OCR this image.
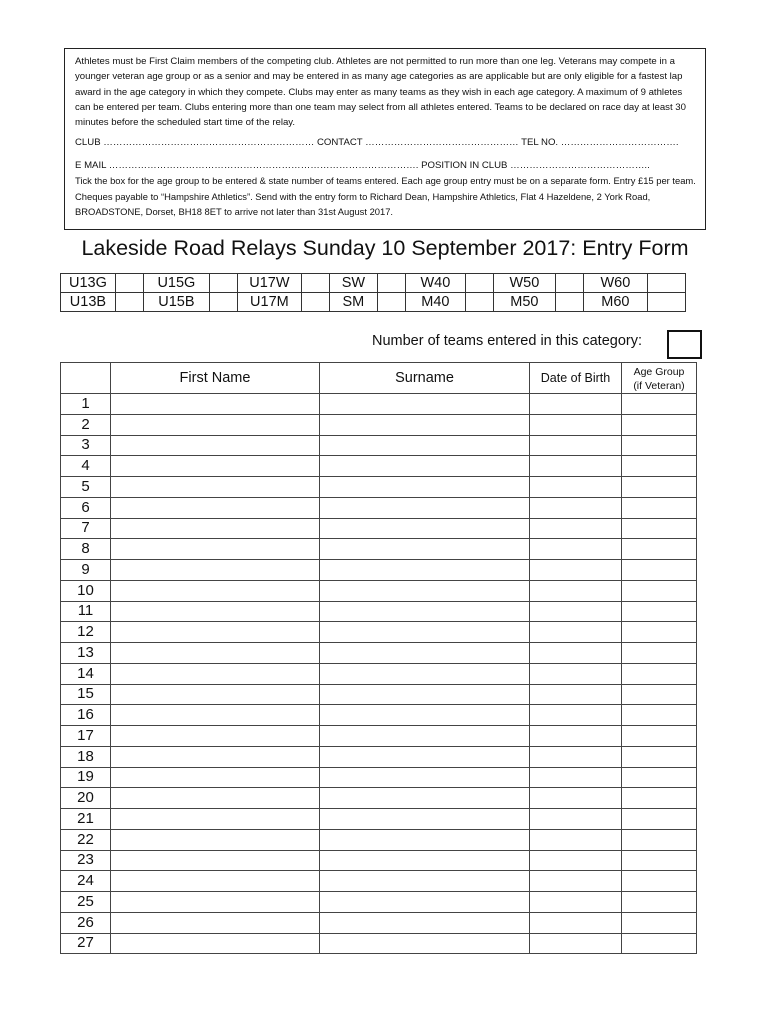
Athletes must be First Claim members of the competing club. Athletes are not permitted to run more than one leg. Veterans may compete in a younger veteran age group or as a senior and may be entered in as many age categories as are applicable but are only eligible for a fastest lap award in the age category in which they compete. Clubs may enter as many teams as they wish in each age category. A maximum of 9 athletes can be entered per team. Clubs entering more than one team may select from all athletes entered. Teams to be declared on race day at least 30 minutes before the scheduled start time of the relay.

CLUB ………………………………………………………… CONTACT ………………………………………… TEL NO. ……………………………….
E MAIL ……………………………………………………………………………………. POSITION IN CLUB ……………………………………..

Tick the box for the age group to be entered & state number of teams entered. Each age group entry must be on a separate form. Entry £15 per team. Cheques payable to “Hampshire Athletics”. Send with the entry form to Richard Dean, Hampshire Athletics, Flat 4 Hazeldene, 2 York Road, BROADSTONE, Dorset, BH18 8ET to arrive not later than 31st August 2017.

Lakeside Road Relays Sunday 10 September 2017: Entry Form
U13G		U15G		U17W		SW		W40		W50		W60	
U13B		U15B		U17M		SM		M40		M50		M60	
Number of teams entered in this category:
	First Name	Surname	Date of Birth	Age Group
(if Veteran)

1				
2				
3				
4				
5				
6				
7				
8				
9				
10				
11				
12				
13				
14				
15				
16				
17				
18				
19				
20				
21				
22				
23				
24				
25				
26				
27				
